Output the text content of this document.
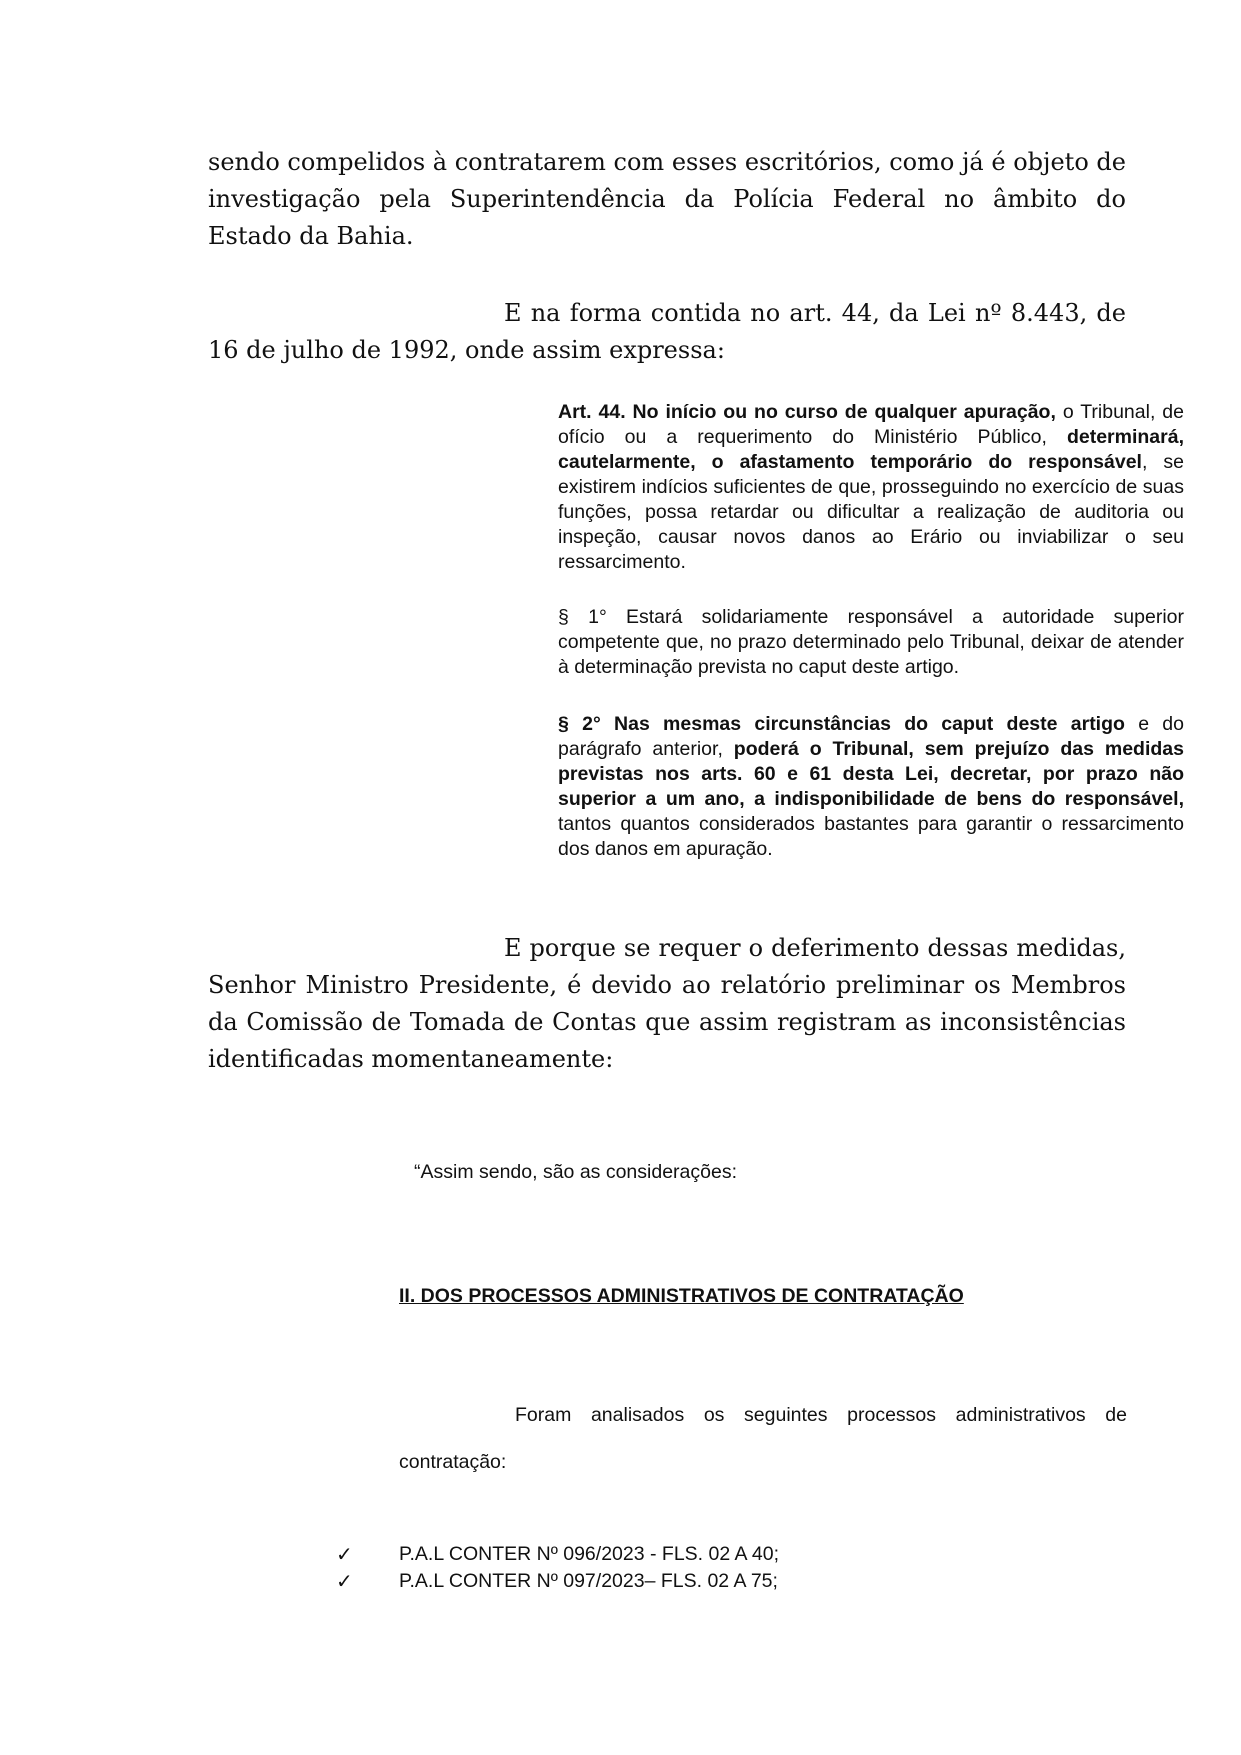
sendo compelidos à contratarem com esses escritórios, como já é objeto de investigação pela Superintendência da Polícia Federal no âmbito do Estado da Bahia.

E na forma contida no art. 44, da Lei nº 8.443, de 16 de julho de 1992, onde assim expressa:

Art. 44. No início ou no curso de qualquer apuração, o Tribunal, de ofício ou a requerimento do Ministério Público, determinará, cautelarmente, o afastamento temporário do responsável, se existirem indícios suficientes de que, prosseguindo no exercício de suas funções, possa retardar ou dificultar a realização de auditoria ou inspeção, causar novos danos ao Erário ou inviabilizar o seu ressarcimento.
§ 1° Estará solidariamente responsável a autoridade superior competente que, no prazo determinado pelo Tribunal, deixar de atender à determinação prevista no caput deste artigo.
§ 2° Nas mesmas circunstâncias do caput deste artigo e do parágrafo anterior, poderá o Tribunal, sem prejuízo das medidas previstas nos arts. 60 e 61 desta Lei, decretar, por prazo não superior a um ano, a indisponibilidade de bens do responsável, tantos quantos considerados bastantes para garantir o ressarcimento dos danos em apuração.

E porque se requer o deferimento dessas medidas, Senhor Ministro Presidente, é devido ao relatório preliminar os Membros da Comissão de Tomada de Contas que assim registram as inconsistências identificadas momentaneamente:

“Assim sendo, são as considerações:
II. DOS PROCESSOS ADMINISTRATIVOS DE CONTRATAÇÃO

Foram analisados os seguintes processos administrativos de contratação:

✓ P.A.L CONTER Nº 096/2023 - FLS. 02 A 40;
✓ P.A.L CONTER Nº 097/2023– FLS. 02 A 75;
